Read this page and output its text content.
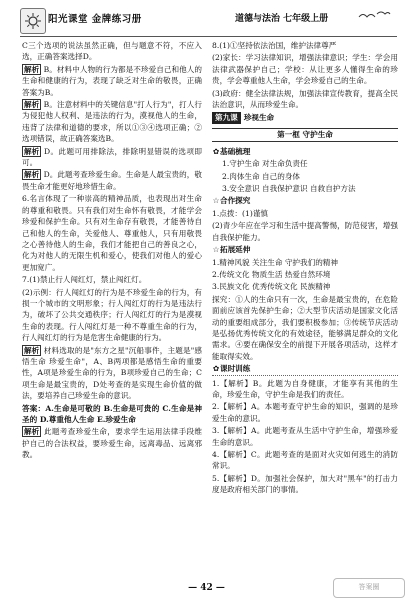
阳光课堂 金牌练习册	道德与法治 七年级上册

C三个选项的说法虽然正确，但与题意不符，不应入选，正确答案选择D。

解析 B。材料中人物的行为都是不珍爱自己和他人的生命和健康的行为，表现了缺乏对生命的敬畏，正确答案为B。

解析 B。注意材料中的关键信息"打人行为"，打人行为侵犯他人权利、是违法的行为，漠视他人的生命，违背了法律和道德的要求，所以①③④选项正确；②选项错误，故正确答案选B。

解析 D。此题可用排除法，排除明显错误的选项即可。

解析 D。此题考查珍爱生命。生命是人最宝贵的，敬畏生命才能更好地珍惜生命。

6.名言体现了一种崇高的精神品质，也表现出对生命的尊重和敬畏。只有我们对生命怀有敬畏，才能学会珍爱和保护生命。只有对生命存有敬畏，才能善待自己和他人的生命，关爱他人、尊重他人，只有用敬畏之心善待他人的生命，我们才能把自己的善良之心，化为对他人的无限生机和爱心，使我们对他人的爱心更加宽广。

7.(1)禁止行人闯红灯，禁止闯红灯。

(2)示例：行人闯红灯的行为是不珍爱生命的行为，有损一个城市的文明形象；行人闯红灯的行为是违法行为，破坏了公共交通秩序；行人闯红灯的行为是漠视生命的表现。行人闯红灯是一种不尊重生命的行为，行人闯红灯的行为是危害生命健康的行为。

解析 材料选取的是"东方之星"沉船事件，主题是"感悟生命 珍爱生命"，A、B两项都是感悟生命的重要性，A项是珍爱生命的行为，B项珍爱自己的生命；C项生命是最宝贵的，D处考查的是实现生命价值的做法，要培养自己珍爱生命的意识。

答案：A.生命是可敬的 B.生命是可贵的 C.生命是神圣的 D.尊重他人生命 E.珍爱生命

解析 此题考查珍爱生命，要求学生运用法律手段维护自己的合法权益，要珍爱生命，远离毒品、远离邪教。

8.(1)①坚持依法治国，维护法律尊严

(2)家长：学习法律知识，增强法律意识；学生：学会用法律武器保护自己；学校：从让更多人懂得生命的珍贵，学会尊重他人生命，学会珍爱自己的生命。

(3)政府：健全法律法规，加强法律宣传教育，提高全民法治意识，从而珍爱生命。

第九课 珍视生命
第一框 守护生命
✿ 基础梳理

1.守护生命 对生命负责任

2.肉体生命 自己的身体

3.安全意识 自我保护意识 自救自护方法

☆ 合作探究

1.点拨：(1)谨慎

(2)青少年应在学习和生活中提高警惕，防范侵害，增强自我保护能力。

☆ 拓展延伸

1.精神风貌 关注生命 守护我们的精神

2.传统文化 物质生活 热爱自然环境

3.民族文化 优秀传统文化 民族精神

探究：①人的生命只有一次，生命是最宝贵的，在危险面前应该首先保护生命；②大型节庆活动是国家文化活动的重要组成部分，我们要积极参加；③传统节庆活动是弘扬优秀传统文化的有效途径，能够满足群众的文化需求。④要在确保安全的前提下开展各项活动，这样才能取得实效。

✿ 课时训练

1.【解析】B。此题为自身健康，才能享有其他的生命，珍爱生命，守护生命是我们的责任。

2.【解析】A。本题考查守护生命的知识，强调的是珍爱生命的意识。

3.【解析】A。此题考查从生活中守护生命，增强珍爱生命的意识。

4.【解析】C。此题考查的是面对火灾如何逃生的消防常识。

5.【解析】D。加强社会保护，加大对"黑车"的打击力度是政府相关部门的事情。

— 42 —	答案圈
